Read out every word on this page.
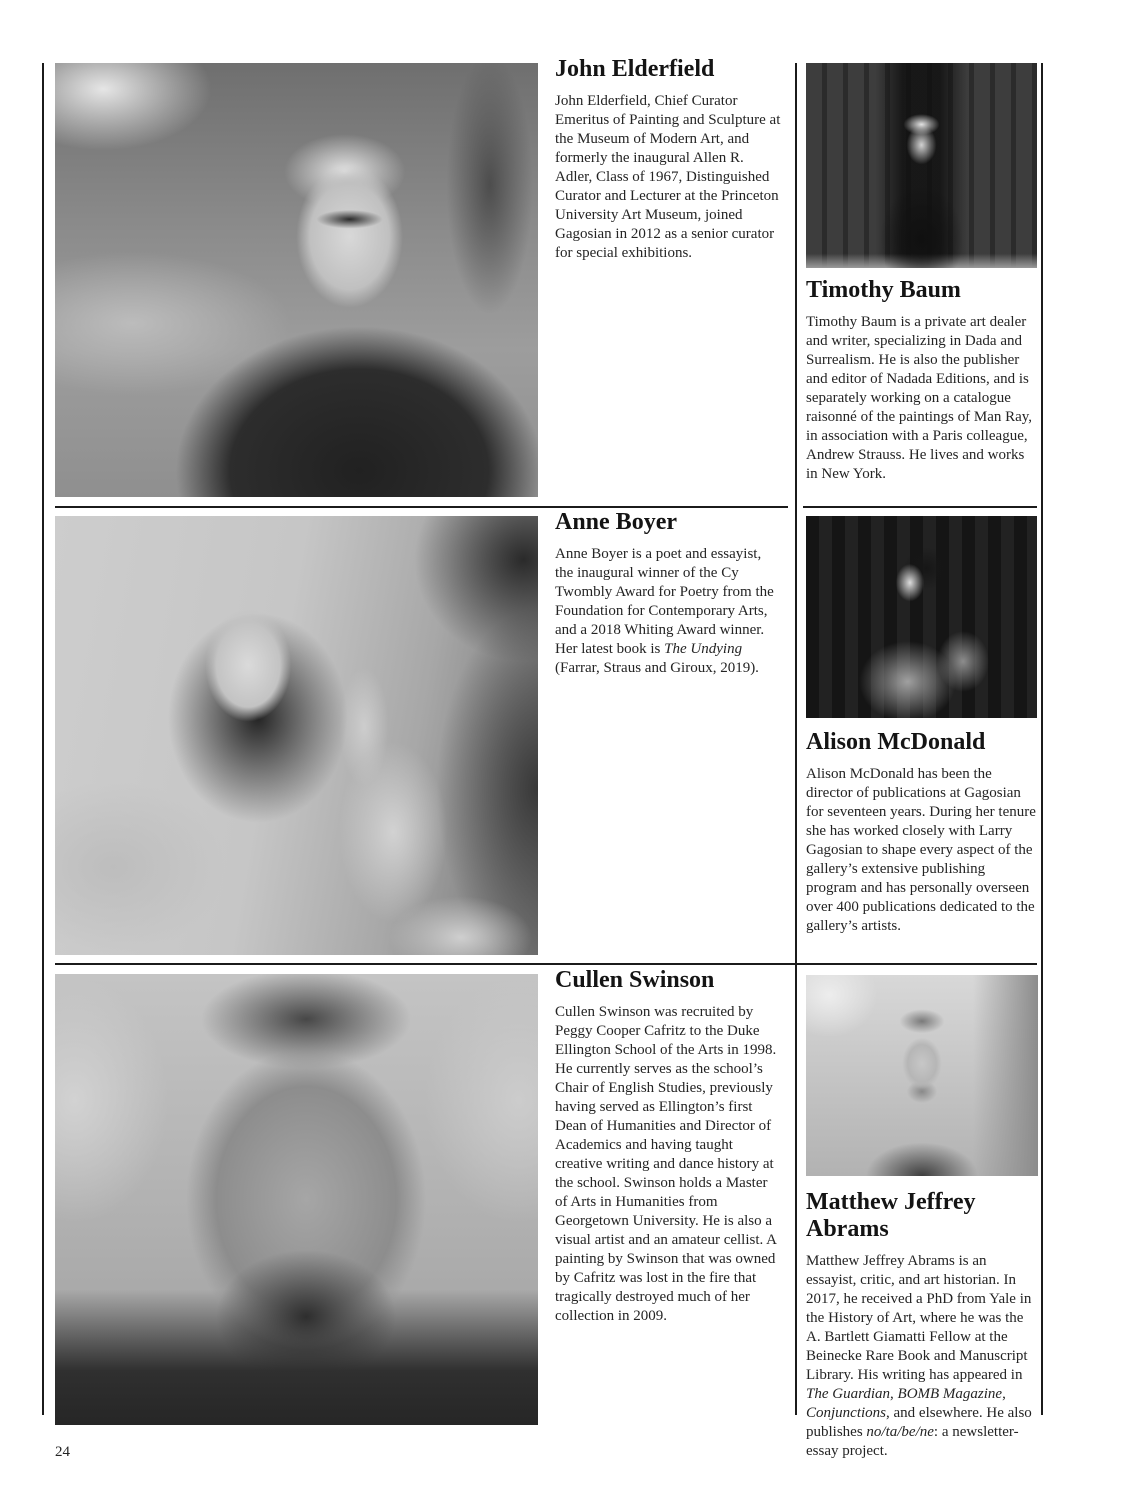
John Elderfield

John Elderfield, Chief Curator Emeritus of Painting and Sculpture at the Museum of Modern Art, and formerly the inaugural Allen R. Adler, Class of 1967, Distinguished Curator and Lecturer at the Princeton University Art Museum, joined Gagosian in 2012 as a senior curator for special exhibitions.

Timothy Baum

Timothy Baum is a private art dealer and writer, specializing in Dada and Surrealism. He is also the publisher and editor of Nadada Editions, and is separately working on a catalogue raisonné of the paintings of Man Ray, in association with a Paris colleague, Andrew Strauss. He lives and works in New York.

Anne Boyer

Anne Boyer is a poet and essayist, the inaugural winner of the Cy Twombly Award for Poetry from the Foundation for Contemporary Arts, and a 2018 Whiting Award winner. Her latest book is The Undying (Farrar, Straus and Giroux, 2019).

Alison McDonald

Alison McDonald has been the director of publications at Gagosian for seventeen years. During her tenure she has worked closely with Larry Gagosian to shape every aspect of the gallery’s extensive publishing program and has personally overseen over 400 publications dedicated to the gallery’s artists.

Cullen Swinson

Cullen Swinson was recruited by Peggy Cooper Cafritz to the Duke Ellington School of the Arts in 1998. He currently serves as the school’s Chair of English Studies, previously having served as Ellington’s first Dean of Humanities and Director of Academics and having taught creative writing and dance history at the school. Swinson holds a Master of Arts in Humanities from Georgetown University. He is also a visual artist and an amateur cellist. A painting by Swinson that was owned by Cafritz was lost in the fire that tragically destroyed much of her collection in 2009.

Matthew Jeffrey Abrams

Matthew Jeffrey Abrams is an essayist, critic, and art historian. In 2017, he received a PhD from Yale in the History of Art, where he was the A. Bartlett Giamatti Fellow at the Beinecke Rare Book and Manuscript Library. His writing has appeared in The Guardian, BOMB Magazine, Conjunctions, and elsewhere. He also publishes no/ta/be/ne: a newsletter-essay project.

24
